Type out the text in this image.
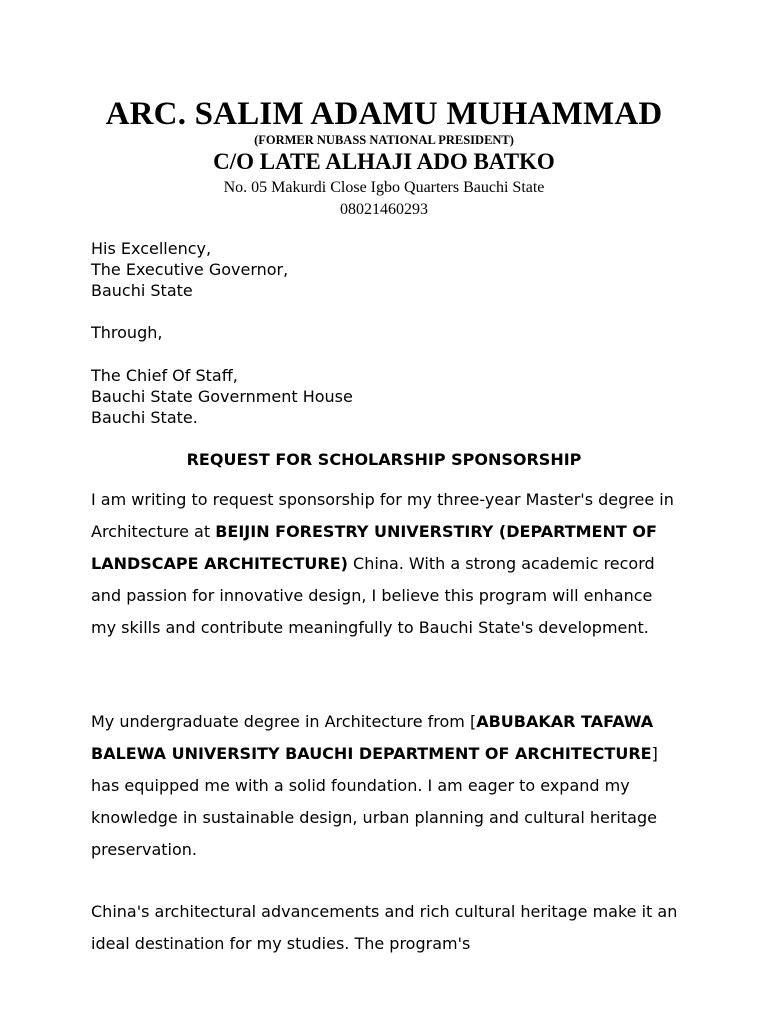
ARC. SALIM ADAMU MUHAMMAD
(FORMER NUBASS NATIONAL PRESIDENT)
C/O LATE ALHAJI ADO BATKO
No. 05 Makurdi Close Igbo Quarters Bauchi State
08021460293
His Excellency,
The Executive Governor,
Bauchi State
Through,
The Chief Of Staff,
Bauchi State Government House
Bauchi State.
REQUEST FOR SCHOLARSHIP SPONSORSHIP

I am writing to request sponsorship for my three-year Master's degree in Architecture at BEIJIN FORESTRY UNIVERSTIRY (DEPARTMENT OF LANDSCAPE ARCHITECTURE) China. With a strong academic record and passion for innovative design, I believe this program will enhance my skills and contribute meaningfully to Bauchi State's development.

My undergraduate degree in Architecture from [ABUBAKAR TAFAWA BALEWA UNIVERSITY BAUCHI DEPARTMENT OF ARCHITECTURE] has equipped me with a solid foundation. I am eager to expand my knowledge in sustainable design, urban planning and cultural heritage preservation.

China's architectural advancements and rich cultural heritage make it an ideal destination for my studies. The program's
